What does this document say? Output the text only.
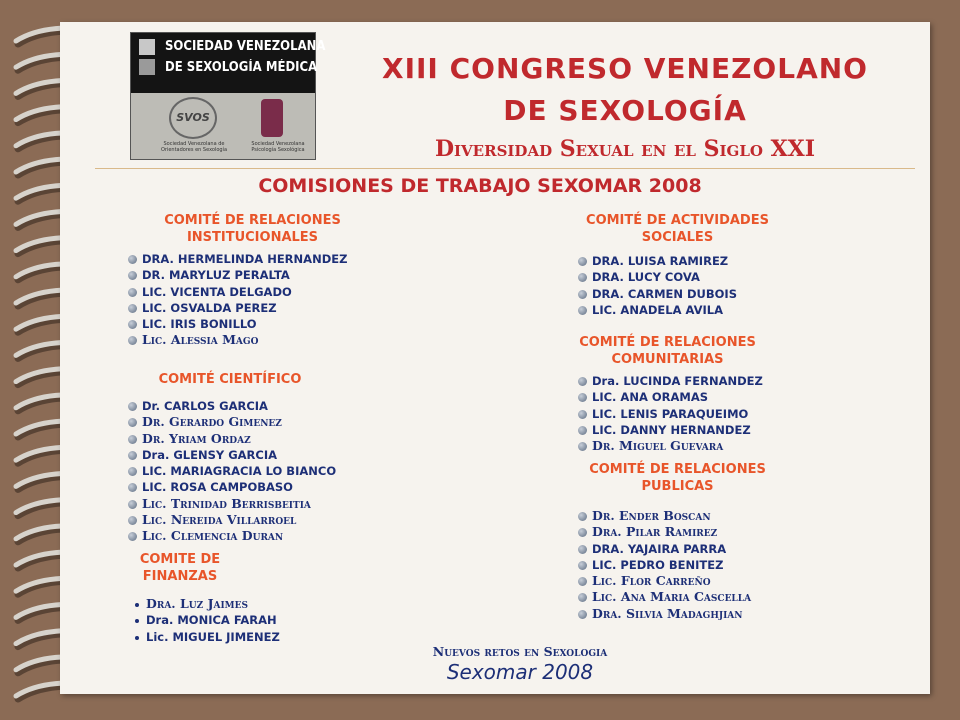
SOCIEDAD VENEZOLANA
DE SEXOLOGÍA MÉDICA
SVOS
Sociedad Venezolana de Orientadores en Sexología
Sociedad Venezolana Psicología Sexológica
XIII CONGRESO VENEZOLANO
DE SEXOLOGÍA
Diversidad Sexual en el Siglo XXI
COMISIONES DE TRABAJO SEXOMAR 2008
COMITÉ DE RELACIONES
INSTITUCIONALES
DRA. HERMELINDA HERNANDEZ
DR. MARYLUZ PERALTA
LIC. VICENTA DELGADO
LIC. OSVALDA PEREZ
LIC. IRIS BONILLO
Lic. Alessia Mago
COMITÉ CIENTÍFICO
Dr. CARLOS GARCIA
Dr. Gerardo Gimenez
Dr. Yriam Ordaz
Dra. GLENSY GARCIA
LIC. MARIAGRACIA LO BIANCO
LIC. ROSA CAMPOBASO
Lic. Trinidad Berrisbeitia
Lic. Nereida Villarroel
Lic. Clemencia Duran
COMITE DE
FINANZAS
Dra. Luz Jaimes
Dra. MONICA FARAH
Lic. MIGUEL JIMENEZ
COMITÉ DE ACTIVIDADES
SOCIALES
DRA. LUISA RAMIREZ
DRA. LUCY COVA
DRA. CARMEN DUBOIS
LIC. ANADELA AVILA
COMITÉ DE RELACIONES
COMUNITARIAS
Dra. LUCINDA FERNANDEZ
LIC. ANA ORAMAS
LIC. LENIS PARAQUEIMO
LIC. DANNY HERNANDEZ
Dr. Miguel Guevara
COMITÉ DE RELACIONES
PUBLICAS
Dr. Ender Boscan
Dra. Pilar Ramirez
DRA. YAJAIRA PARRA
LIC. PEDRO BENITEZ
Lic. Flor Carreño
Lic. Ana Maria Cascella
Dra. Silvia Madaghjian
Nuevos retos en Sexologia
Sexomar 2008
